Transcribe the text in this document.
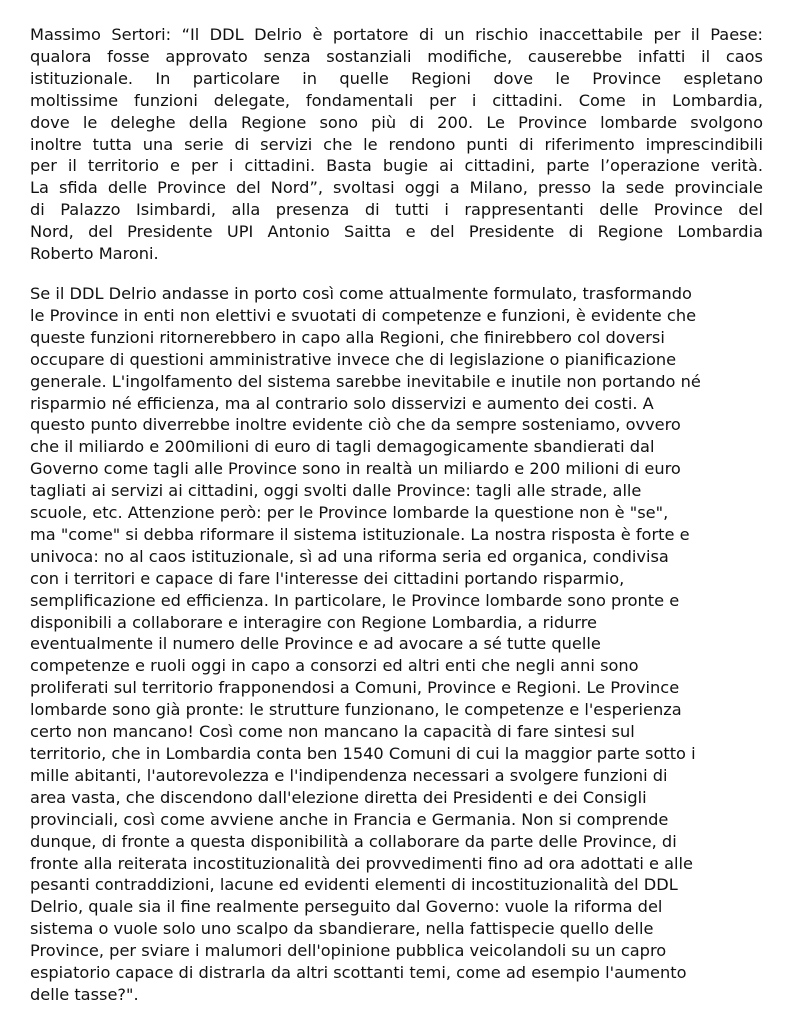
Massimo Sertori: “Il DDL Delrio è portatore di un rischio inaccettabile per il Paese:
qualora fosse approvato senza sostanziali modifiche, causerebbe infatti il caos
istituzionale. In particolare in quelle Regioni dove le Province espletano
moltissime funzioni delegate, fondamentali per i cittadini. Come in Lombardia,
dove le deleghe della Regione sono più di 200. Le Province lombarde svolgono
inoltre tutta una serie di servizi che le rendono punti di riferimento imprescindibili
per il territorio e per i cittadini. Basta bugie ai cittadini, parte l’operazione verità.
La sfida delle Province del Nord”, svoltasi oggi a Milano, presso la sede provinciale
di Palazzo Isimbardi, alla presenza di tutti i rappresentanti delle Province del
Nord, del Presidente UPI Antonio Saitta e del Presidente di Regione Lombardia
Roberto Maroni.

Se il DDL Delrio andasse in porto così come attualmente formulato, trasformando
le Province in enti non elettivi e svuotati di competenze e funzioni, è evidente che
queste funzioni ritornerebbero in capo alla Regioni, che finirebbero col doversi
occupare di questioni amministrative invece che di legislazione o pianificazione
generale. L'ingolfamento del sistema sarebbe inevitabile e inutile non portando né
risparmio né efficienza, ma al contrario solo disservizi e aumento dei costi. A
questo punto diverrebbe inoltre evidente ciò che da sempre sosteniamo, ovvero
che il miliardo e 200milioni di euro di tagli demagogicamente sbandierati dal
Governo come tagli alle Province sono in realtà un miliardo e 200 milioni di euro
tagliati ai servizi ai cittadini, oggi svolti dalle Province: tagli alle strade, alle
scuole, etc. Attenzione però: per le Province lombarde la questione non è "se",
ma "come" si debba riformare il sistema istituzionale. La nostra risposta è forte e
univoca: no al caos istituzionale, sì ad una riforma seria ed organica, condivisa
con i territori e capace di fare l'interesse dei cittadini portando risparmio,
semplificazione ed efficienza. In particolare, le Province lombarde sono pronte e
disponibili a collaborare e interagire con Regione Lombardia, a ridurre
eventualmente il numero delle Province e ad avocare a sé tutte quelle
competenze e ruoli oggi in capo a consorzi ed altri enti che negli anni sono
proliferati sul territorio frapponendosi a Comuni, Province e Regioni. Le Province
lombarde sono già pronte: le strutture funzionano, le competenze e l'esperienza
certo non mancano! Così come non mancano la capacità di fare sintesi sul
territorio, che in Lombardia conta ben 1540 Comuni di cui la maggior parte sotto i
mille abitanti, l'autorevolezza e l'indipendenza necessari a svolgere funzioni di
area vasta, che discendono dall'elezione diretta dei Presidenti e dei Consigli
provinciali, così come avviene anche in Francia e Germania. Non si comprende
dunque, di fronte a questa disponibilità a collaborare da parte delle Province, di
fronte alla reiterata incostituzionalità dei provvedimenti fino ad ora adottati e alle
pesanti contraddizioni, lacune ed evidenti elementi di incostituzionalità del DDL
Delrio, quale sia il fine realmente perseguito dal Governo: vuole la riforma del
sistema o vuole solo uno scalpo da sbandierare, nella fattispecie quello delle
Province, per sviare i malumori dell'opinione pubblica veicolandoli su un capro
espiatorio capace di distrarla da altri scottanti temi, come ad esempio l'aumento
delle tasse?".
